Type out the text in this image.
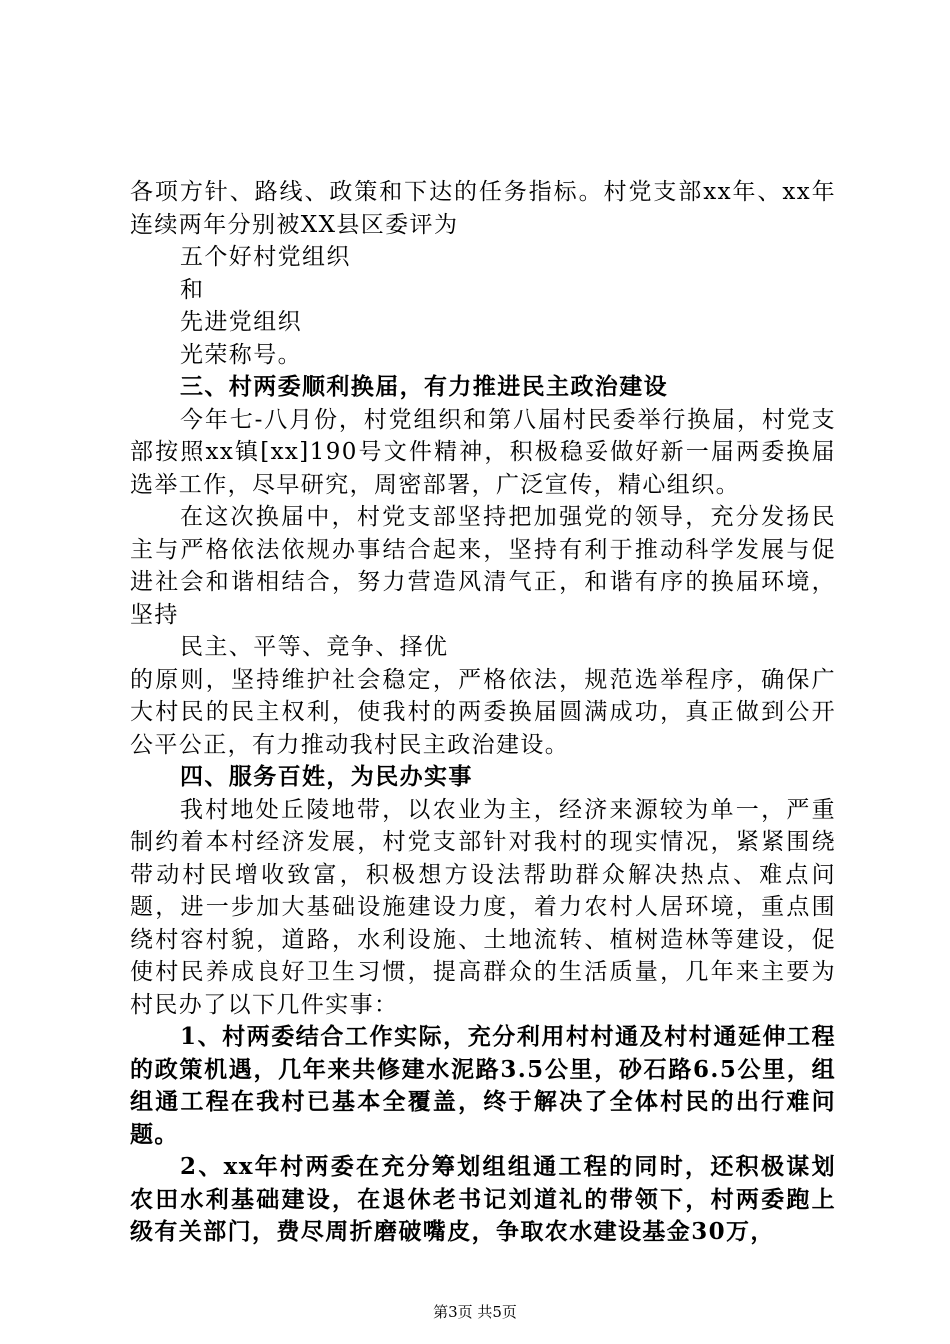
各项方针、路线、政策和下达的任务指标。村党支部xx年、xx年连续两年分别被XX县区委评为

五个好村党组织

和

先进党组织

光荣称号。

三、村两委顺利换届，有力推进民主政治建设

今年七-八月份，村党组织和第八届村民委举行换届，村党支部按照xx镇[xx]190号文件精神，积极稳妥做好新一届两委换届选举工作，尽早研究，周密部署，广泛宣传，精心组织。

在这次换届中，村党支部坚持把加强党的领导，充分发扬民主与严格依法依规办事结合起来，坚持有利于推动科学发展与促进社会和谐相结合，努力营造风清气正，和谐有序的换届环境，坚持

民主、平等、竞争、择优

的原则，坚持维护社会稳定，严格依法，规范选举程序，确保广大村民的民主权利，使我村的两委换届圆满成功，真正做到公开公平公正，有力推动我村民主政治建设。

四、服务百姓，为民办实事

我村地处丘陵地带，以农业为主，经济来源较为单一，严重制约着本村经济发展，村党支部针对我村的现实情况，紧紧围绕带动村民增收致富，积极想方设法帮助群众解决热点、难点问题，进一步加大基础设施建设力度，着力农村人居环境，重点围绕村容村貌，道路，水利设施、土地流转、植树造林等建设，促使村民养成良好卫生习惯，提高群众的生活质量，几年来主要为村民办了以下几件实事：

1、村两委结合工作实际，充分利用村村通及村村通延伸工程的政策机遇，几年来共修建水泥路3.5公里，砂石路6.5公里，组组通工程在我村已基本全覆盖，终于解决了全体村民的出行难问题。

2、xx年村两委在充分筹划组组通工程的同时，还积极谋划农田水利基础建设，在退休老书记刘道礼的带领下，村两委跑上级有关部门，费尽周折磨破嘴皮，争取农水建设基金30万，

第3页 共5页
